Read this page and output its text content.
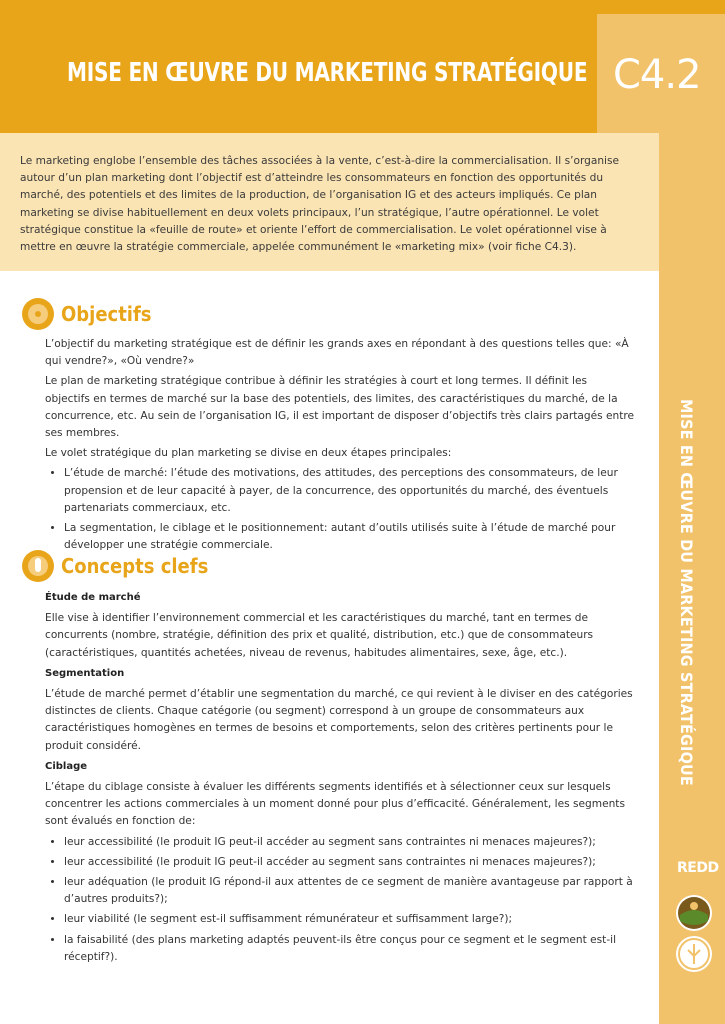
MISE EN ŒUVRE DU MARKETING STRATÉGIQUE C4.2
Le marketing englobe l’ensemble des tâches associées à la vente, c’est-à-dire la commercialisation. Il s’organise autour d’un plan marketing dont l’objectif est d’atteindre les consommateurs en fonction des opportunités du marché, des potentiels et des limites de la production, de l’organisation IG et des acteurs impliqués. Ce plan marketing se divise habituellement en deux volets principaux, l’un stratégique, l’autre opérationnel. Le volet stratégique constitue la «feuille de route» et oriente l’effort de commercialisation. Le volet opérationnel vise à mettre en œuvre la stratégie commerciale, appelée communément le «marketing mix» (voir fiche C4.3).
MISE EN ŒUVRE DU MARKETING STRATÉGIQUE
REDD
Objectifs

L’objectif du marketing stratégique est de définir les grands axes en répondant à des questions telles que: «À qui vendre?», «Où vendre?»

Le plan de marketing stratégique contribue à définir les stratégies à court et long termes. Il définit les objectifs en termes de marché sur la base des potentiels, des limites, des caractéristiques du marché, de la concurrence, etc. Au sein de l’organisation IG, il est important de disposer d’objectifs très clairs partagés entre ses membres.

Le volet stratégique du plan marketing se divise en deux étapes principales:

• L’étude de marché: l’étude des motivations, des attitudes, des perceptions des consommateurs, de leur propension et de leur capacité à payer, de la concurrence, des opportunités du marché, des éventuels partenariats commerciaux, etc.
• La segmentation, le ciblage et le positionnement: autant d’outils utilisés suite à l’étude de marché pour développer une stratégie commerciale.
Concepts clefs
Étude de marché

Elle vise à identifier l’environnement commercial et les caractéristiques du marché, tant en termes de concurrents (nombre, stratégie, définition des prix et qualité, distribution, etc.) que de consommateurs (caractéristiques, quantités achetées, niveau de revenus, habitudes alimentaires, sexe, âge, etc.).

Segmentation

L’étude de marché permet d’établir une segmentation du marché, ce qui revient à le diviser en des catégories distinctes de clients. Chaque catégorie (ou segment) correspond à un groupe de consommateurs aux caractéristiques homogènes en termes de besoins et comportements, selon des critères pertinents pour le produit considéré.

Ciblage

L’étape du ciblage consiste à évaluer les différents segments identifiés et à sélectionner ceux sur lesquels concentrer les actions commerciales à un moment donné pour plus d’efficacité. Généralement, les segments sont évalués en fonction de:

• leur accessibilité (le produit IG peut-il accéder au segment sans contraintes ni menaces majeures?);
• leur accessibilité (le produit IG peut-il accéder au segment sans contraintes ni menaces majeures?);
• leur adéquation (le produit IG répond-il aux attentes de ce segment de manière avantageuse par rapport à d’autres produits?);
• leur viabilité (le segment est-il suffisamment rémunérateur et suffisamment large?);
• la faisabilité (des plans marketing adaptés peuvent-ils être conçus pour ce segment et le segment est-il réceptif?).
